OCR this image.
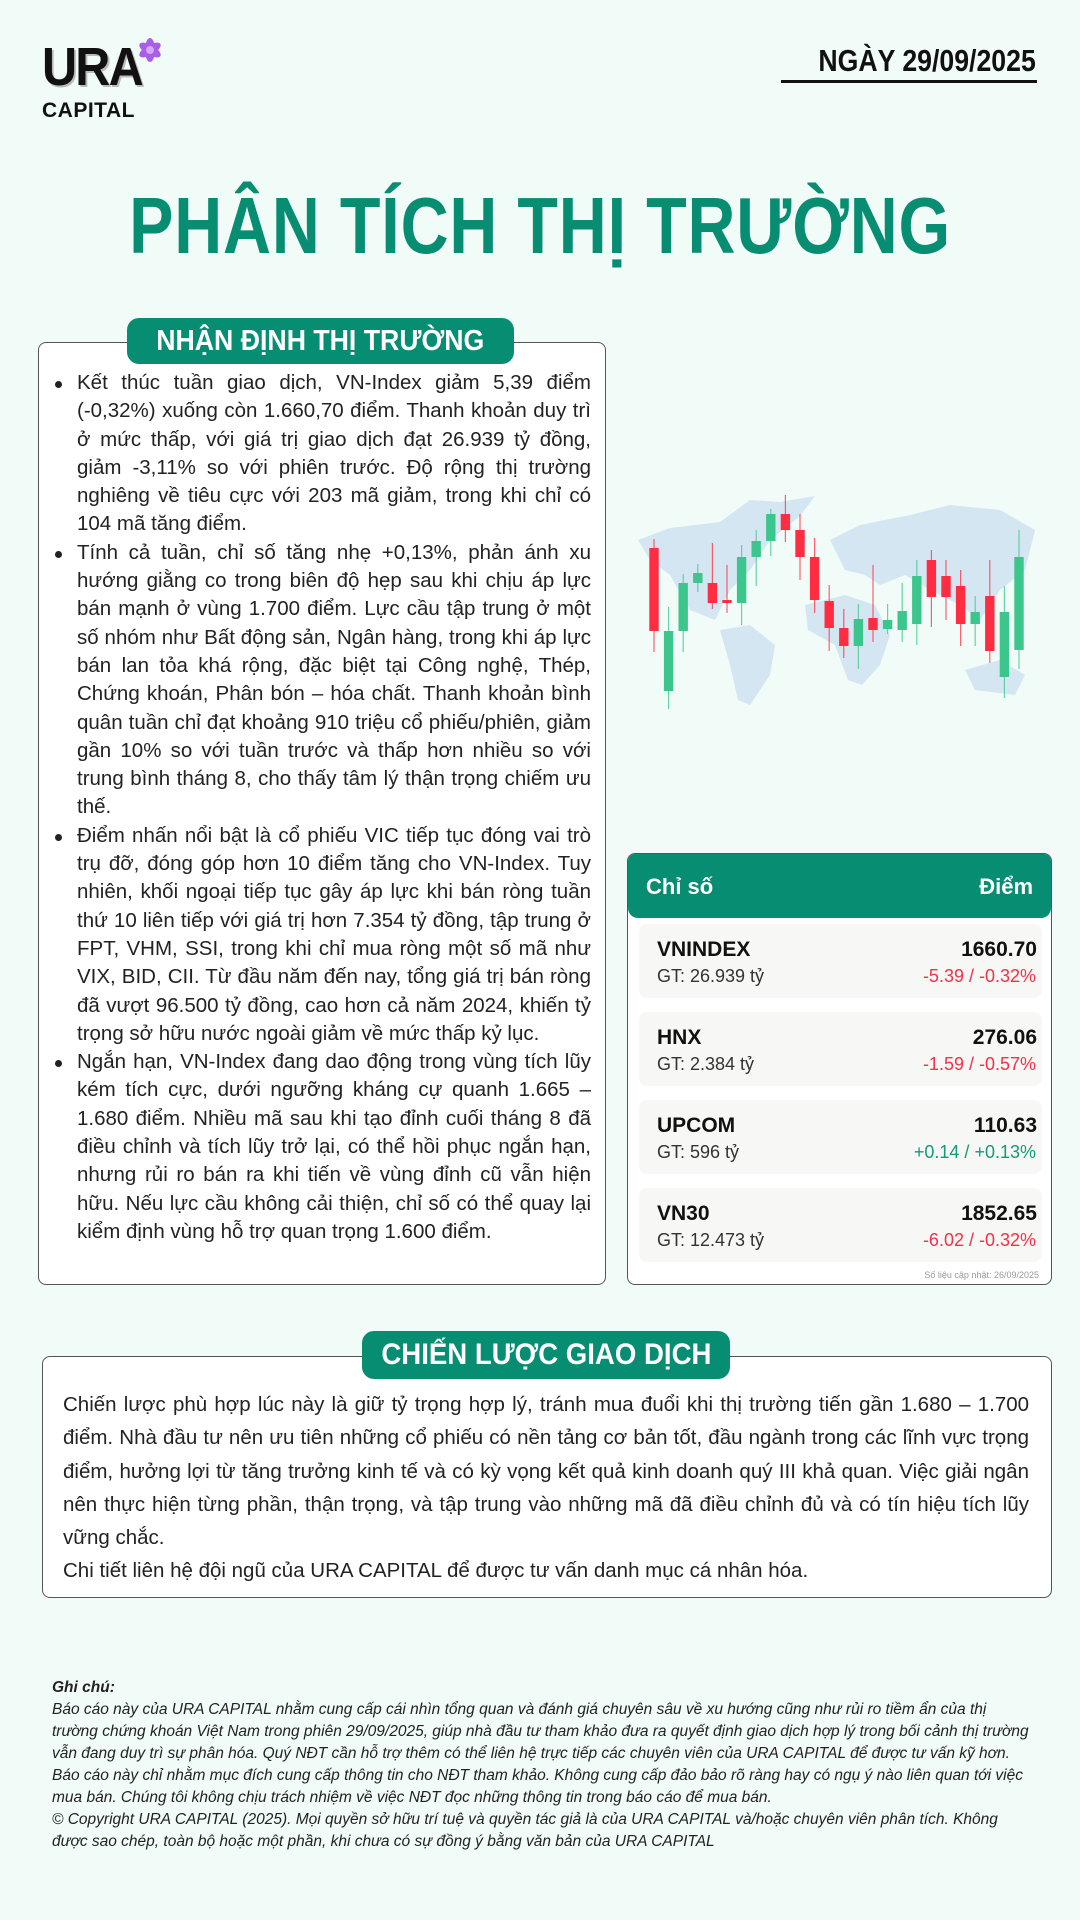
URA
CAPITAL
NGÀY 29/09/2025
PHÂN TÍCH THỊ TRƯỜNG
NHẬN ĐỊNH THỊ TRƯỜNG
Kết thúc tuần giao dịch, VN-Index giảm 5,39 điểm (-0,32%) xuống còn 1.660,70 điểm. Thanh khoản duy trì ở mức thấp, với giá trị giao dịch đạt 26.939 tỷ đồng, giảm -3,11% so với phiên trước. Độ rộng thị trường nghiêng về tiêu cực với 203 mã giảm, trong khi chỉ có 104 mã tăng điểm.
Tính cả tuần, chỉ số tăng nhẹ +0,13%, phản ánh xu hướng giằng co trong biên độ hẹp sau khi chịu áp lực bán mạnh ở vùng 1.700 điểm. Lực cầu tập trung ở một số nhóm như Bất động sản, Ngân hàng, trong khi áp lực bán lan tỏa khá rộng, đặc biệt tại Công nghệ, Thép, Chứng khoán, Phân bón – hóa chất. Thanh khoản bình quân tuần chỉ đạt khoảng 910 triệu cổ phiếu/phiên, giảm gần 10% so với tuần trước và thấp hơn nhiều so với trung bình tháng 8, cho thấy tâm lý thận trọng chiếm ưu thế.
Điểm nhấn nổi bật là cổ phiếu VIC tiếp tục đóng vai trò trụ đỡ, đóng góp hơn 10 điểm tăng cho VN-Index. Tuy nhiên, khối ngoại tiếp tục gây áp lực khi bán ròng tuần thứ 10 liên tiếp với giá trị hơn 7.354 tỷ đồng, tập trung ở FPT, VHM, SSI, trong khi chỉ mua ròng một số mã như VIX, BID, CII. Từ đầu năm đến nay, tổng giá trị bán ròng đã vượt 96.500 tỷ đồng, cao hơn cả năm 2024, khiến tỷ trọng sở hữu nước ngoài giảm về mức thấp kỷ lục.
Ngắn hạn, VN-Index đang dao động trong vùng tích lũy kém tích cực, dưới ngưỡng kháng cự quanh 1.665 – 1.680 điểm. Nhiều mã sau khi tạo đỉnh cuối tháng 8 đã điều chỉnh và tích lũy trở lại, có thể hồi phục ngắn hạn, nhưng rủi ro bán ra khi tiến về vùng đỉnh cũ vẫn hiện hữu. Nếu lực cầu không cải thiện, chỉ số có thể quay lại kiểm định vùng hỗ trợ quan trọng 1.600 điểm.
Chỉ số	Điểm
VNINDEX
GT: 26.939 tỷ
1660.70
-5.39 / -0.32%
HNX
GT: 2.384 tỷ
276.06
-1.59 / -0.57%
UPCOM
GT: 596 tỷ
110.63
+0.14 / +0.13%
VN30
GT: 12.473 tỷ
1852.65
-6.02 / -0.32%
Số liệu cập nhật: 26/09/2025
CHIẾN LƯỢC GIAO DỊCH

Chiến lược phù hợp lúc này là giữ tỷ trọng hợp lý, tránh mua đuổi khi thị trường tiến gần 1.680 – 1.700 điểm. Nhà đầu tư nên ưu tiên những cổ phiếu có nền tảng cơ bản tốt, đầu ngành trong các lĩnh vực trọng điểm, hưởng lợi từ tăng trưởng kinh tế và có kỳ vọng kết quả kinh doanh quý III khả quan. Việc giải ngân nên thực hiện từng phần, thận trọng, và tập trung vào những mã đã điều chỉnh đủ và có tín hiệu tích lũy vững chắc.

Chi tiết liên hệ đội ngũ của URA CAPITAL để được tư vấn danh mục cá nhân hóa.

Ghi chú:
Báo cáo này của URA CAPITAL nhằm cung cấp cái nhìn tổng quan và đánh giá chuyên sâu về xu hướng cũng như rủi ro tiềm ẩn của thị trường chứng khoán Việt Nam trong phiên 29/09/2025, giúp nhà đầu tư tham khảo đưa ra quyết định giao dịch hợp lý trong bối cảnh thị trường vẫn đang duy trì sự phân hóa. Quý NĐT cần hỗ trợ thêm có thể liên hệ trực tiếp các chuyên viên của URA CAPITAL để được tư vấn kỹ hơn.
Báo cáo này chỉ nhằm mục đích cung cấp thông tin cho NĐT tham khảo. Không cung cấp đảo bảo rõ ràng hay có ngụ ý nào liên quan tới việc mua bán. Chúng tôi không chịu trách nhiệm về việc NĐT đọc những thông tin trong báo cáo để mua bán.
© Copyright URA CAPITAL (2025). Mọi quyền sở hữu trí tuệ và quyền tác giả là của URA CAPITAL và/hoặc chuyên viên phân tích. Không được sao chép, toàn bộ hoặc một phần, khi chưa có sự đồng ý bằng văn bản của URA CAPITAL
